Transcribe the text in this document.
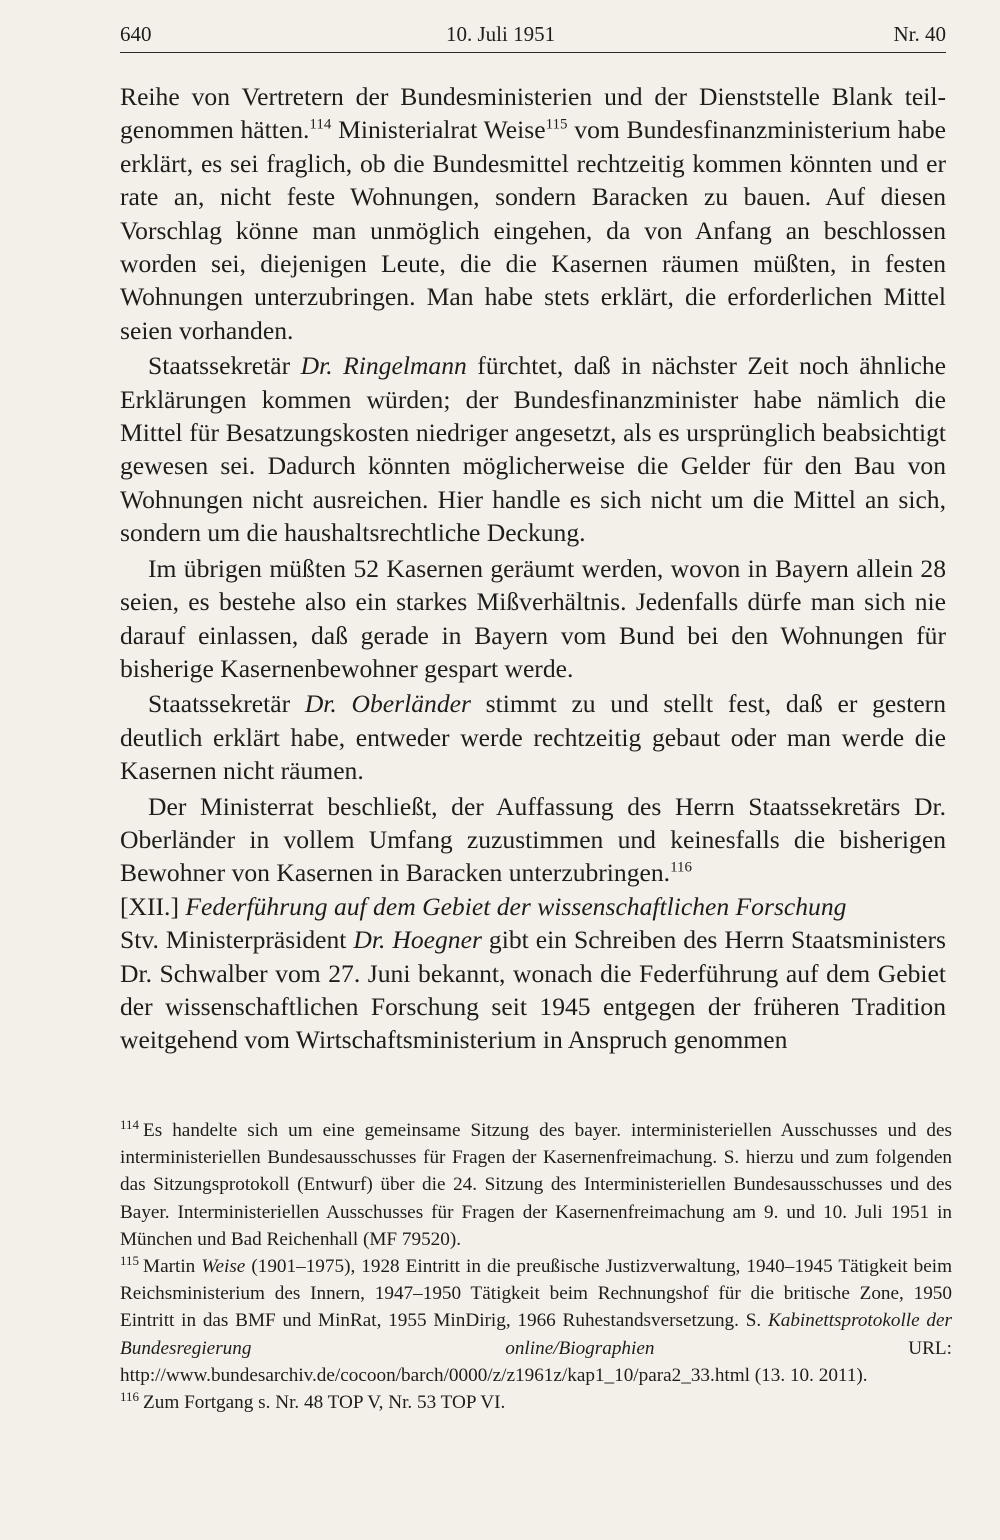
640	10. Juli 1951	Nr. 40

Reihe von Vertretern der Bundesministerien und der Dienststelle Blank teil-genommen hätten.$^{114}$ Ministerialrat Weise$^{115}$ vom Bundesfinanzministerium habe erklärt, es sei fraglich, ob die Bundesmittel rechtzeitig kommen könnten und er rate an, nicht feste Wohnungen, sondern Baracken zu bauen. Auf diesen Vorschlag könne man unmöglich eingehen, da von Anfang an beschlossen worden sei, diejenigen Leute, die die Kasernen räumen müßten, in festen Wohnungen unterzubringen. Man habe stets erklärt, die erforderlichen Mittel seien vorhanden.

Staatssekretär Dr. Ringelmann fürchtet, daß in nächster Zeit noch ähnliche Erklärungen kommen würden; der Bundesfinanzminister habe nämlich die Mittel für Besatzungskosten niedriger angesetzt, als es ursprünglich beabsichtigt gewesen sei. Dadurch könnten möglicherweise die Gelder für den Bau von Wohnungen nicht ausreichen. Hier handle es sich nicht um die Mittel an sich, sondern um die haushaltsrechtliche Deckung.

Im übrigen müßten 52 Kasernen geräumt werden, wovon in Bayern allein 28 seien, es bestehe also ein starkes Mißverhältnis. Jedenfalls dürfe man sich nie darauf einlassen, daß gerade in Bayern vom Bund bei den Wohnungen für bisherige Kasernenbewohner gespart werde.

Staatssekretär Dr. Oberländer stimmt zu und stellt fest, daß er gestern deutlich erklärt habe, entweder werde rechtzeitig gebaut oder man werde die Kasernen nicht räumen.

Der Ministerrat beschließt, der Auffassung des Herrn Staatssekretärs Dr. Oberländer in vollem Umfang zuzustimmen und keinesfalls die bisherigen Bewohner von Kasernen in Baracken unterzubringen.$^{116}$

[XII.] Federführung auf dem Gebiet der wissenschaftlichen Forschung

Stv. Ministerpräsident Dr. Hoegner gibt ein Schreiben des Herrn Staatsministers Dr. Schwalber vom 27. Juni bekannt, wonach die Federführung auf dem Gebiet der wissenschaftlichen Forschung seit 1945 entgegen der früheren Tradition weitgehend vom Wirtschaftsministerium in Anspruch genommen

$^{114}$ Es handelte sich um eine gemeinsame Sitzung des bayer. interministeriellen Ausschusses und des interministeriellen Bundesausschusses für Fragen der Kasernenfreimachung. S. hierzu und zum folgenden das Sitzungsprotokoll (Entwurf) über die 24. Sitzung des Interministeriellen Bundesausschusses und des Bayer. Interministeriellen Ausschusses für Fragen der Kasernenfreimachung am 9. und 10. Juli 1951 in München und Bad Reichenhall (MF 79520).

$^{115}$ Martin Weise (1901–1975), 1928 Eintritt in die preußische Justizverwaltung, 1940–1945 Tätigkeit beim Reichsministerium des Innern, 1947–1950 Tätigkeit beim Rechnungshof für die britische Zone, 1950 Eintritt in das BMF und MinRat, 1955 MinDirig, 1966 Ruhestandsversetzung. S. Kabinettsprotokolle der Bundesregierung online/Biographien URL: http://www.bundesarchiv.de/cocoon/barch/0000/z/z1961z/kap1_10/para2_33.html (13. 10. 2011).

$^{116}$ Zum Fortgang s. Nr. 48 TOP V, Nr. 53 TOP VI.
